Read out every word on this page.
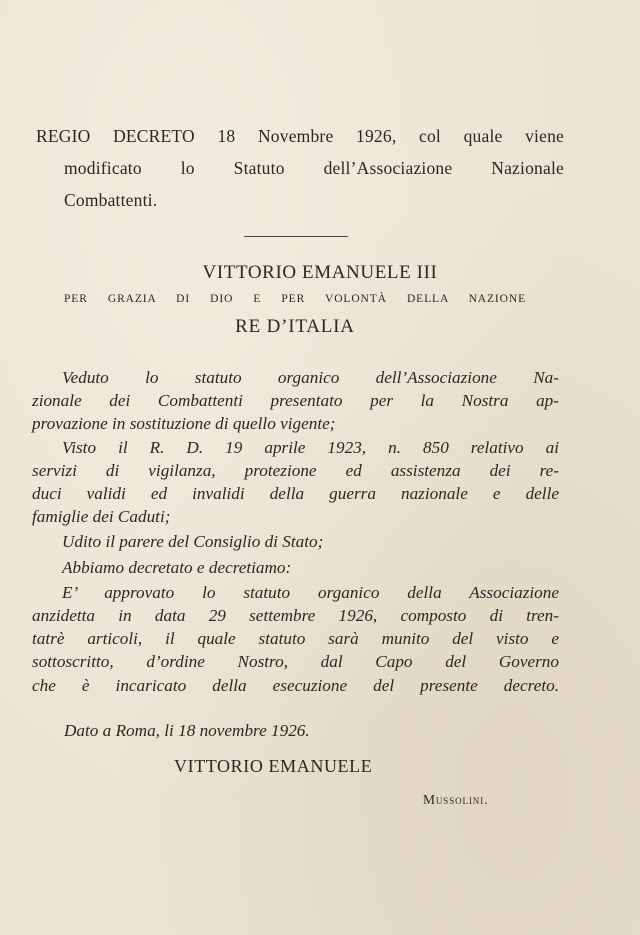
REGIO DECRETO 18 Novembre 1926, col quale viene
modificato lo Statuto dell’Associazione Nazionale
Combattenti.
VITTORIO EMANUELE III
PER GRAZIA DI DIO E PER VOLONTÀ DELLA NAZIONE
RE D’ITALIA
Veduto lo statuto organico dell’Associazione Na-
zionale dei Combattenti presentato per la Nostra ap-
provazione in sostituzione di quello vigente;
Visto il R. D. 19 aprile 1923, n. 850 relativo ai
servizi di vigilanza, protezione ed assistenza dei re-
duci validi ed invalidi della guerra nazionale e delle
famiglie dei Caduti;
Udito il parere del Consiglio di Stato;
Abbiamo decretato e decretiamo:
E’ approvato lo statuto organico della Associazione
anzidetta in data 29 settembre 1926, composto di tren-
tatrè articoli, il quale statuto sarà munito del visto e
sottoscritto, d’ordine Nostro, dal Capo del Governo
che è incaricato della esecuzione del presente decreto.
Dato a Roma, li 18 novembre 1926.
VITTORIO EMANUELE
Mussolini.
